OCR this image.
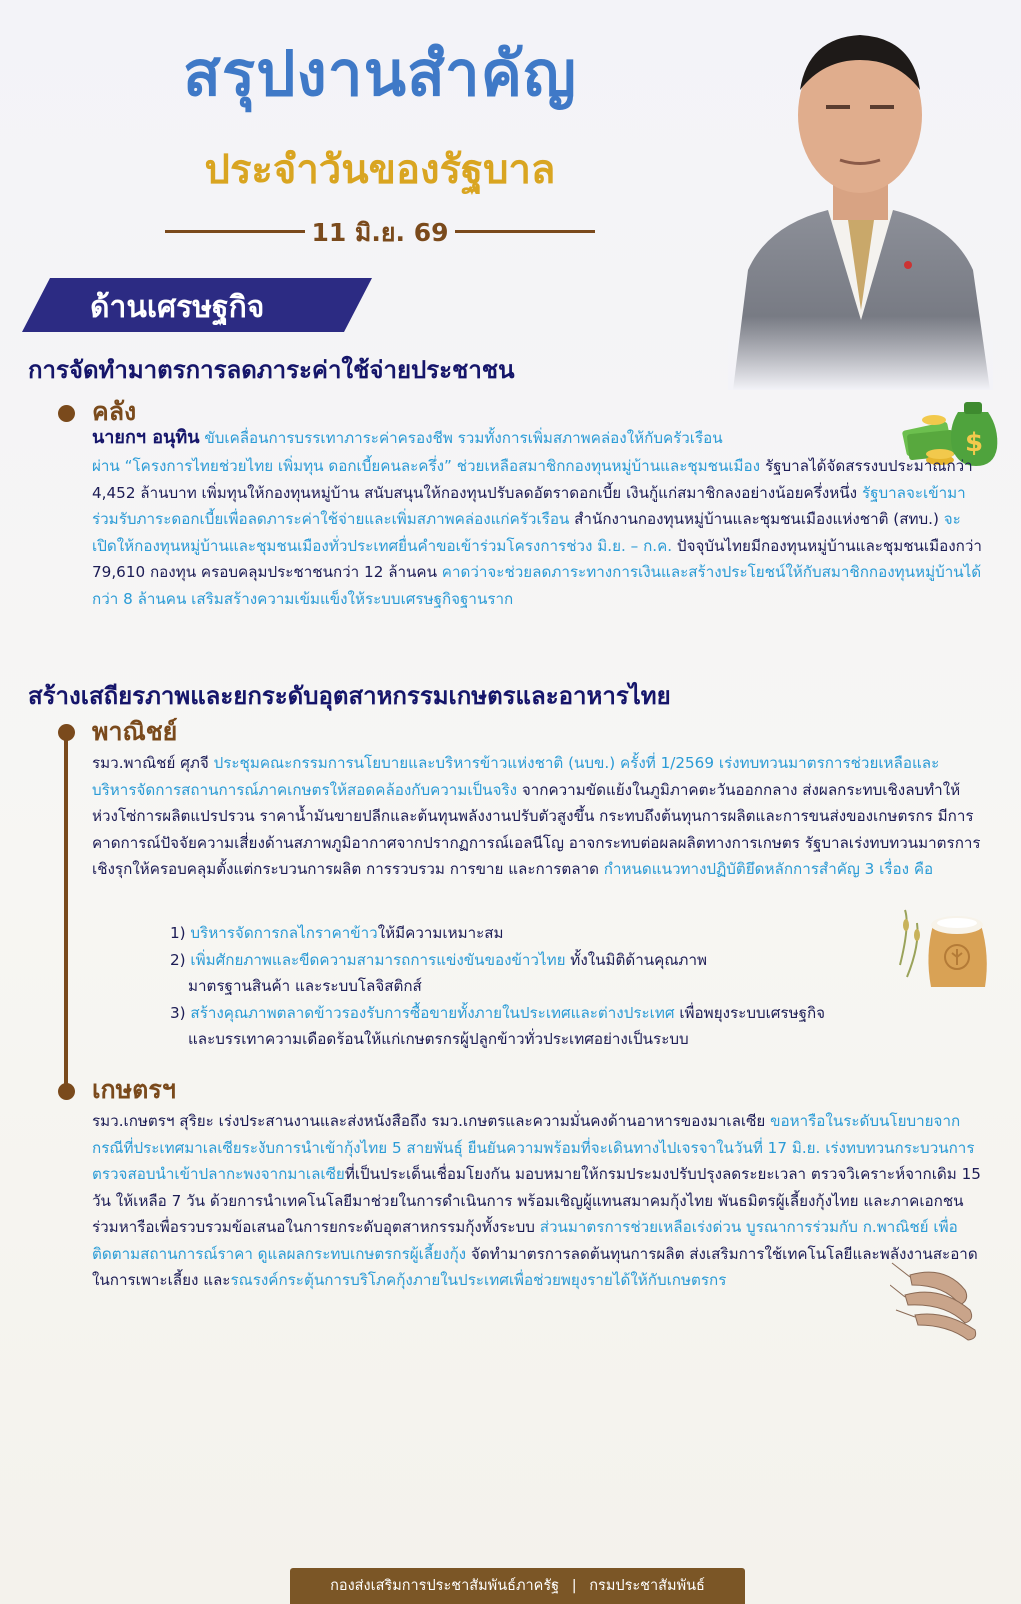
สรุปงานสำคัญ
ประจำวันของรัฐบาล
11 มิ.ย. 69
ด้านเศรษฐกิจ
การจัดทำมาตรการลดภาระค่าใช้จ่ายประชาชน
คลัง
$

นายกฯ อนุทิน ขับเคลื่อนการบรรเทาภาระค่าครองชีพ รวมทั้งการเพิ่มสภาพคล่องให้กับครัวเรือน

ผ่าน “โครงการไทยช่วยไทย เพิ่มทุน ดอกเบี้ยคนละครึ่ง” ช่วยเหลือสมาชิกกองทุนหมู่บ้านและชุมชนเมือง รัฐบาลได้จัดสรรงบประมาณกว่า 4,452 ล้านบาท เพิ่มทุนให้กองทุนหมู่บ้าน สนับสนุนให้กองทุนปรับลดอัตราดอกเบี้ย เงินกู้แก่สมาชิกลงอย่างน้อยครึ่งหนึ่ง รัฐบาลจะเข้ามาร่วมรับภาระดอกเบี้ยเพื่อลดภาระค่าใช้จ่ายและเพิ่มสภาพคล่องแก่ครัวเรือน สำนักงานกองทุนหมู่บ้านและชุมชนเมืองแห่งชาติ (สทบ.) จะเปิดให้กองทุนหมู่บ้านและชุมชนเมืองทั่วประเทศยื่นคำขอเข้าร่วมโครงการช่วง มิ.ย. – ก.ค. ปัจจุบันไทยมีกองทุนหมู่บ้านและชุมชนเมืองกว่า 79,610 กองทุน ครอบคลุมประชาชนกว่า 12 ล้านคน คาดว่าจะช่วยลดภาระทางการเงินและสร้างประโยชน์ให้กับสมาชิกกองทุนหมู่บ้านได้กว่า 8 ล้านคน เสริมสร้างความเข้มแข็งให้ระบบเศรษฐกิจฐานราก

สร้างเสถียรภาพและยกระดับอุตสาหกรรมเกษตรและอาหารไทย
พาณิชย์

รมว.พาณิชย์ ศุภจี ประชุมคณะกรรมการนโยบายและบริหารข้าวแห่งชาติ (นบข.) ครั้งที่ 1/2569 เร่งทบทวนมาตรการช่วยเหลือและบริหารจัดการสถานการณ์ภาคเกษตรให้สอดคล้องกับความเป็นจริง จากความขัดแย้งในภูมิภาคตะวันออกกลาง ส่งผลกระทบเชิงลบทำให้ห่วงโซ่การผลิตแปรปรวน ราคาน้ำมันขายปลีกและต้นทุนพลังงานปรับตัวสูงขึ้น กระทบถึงต้นทุนการผลิตและการขนส่งของเกษตรกร มีการคาดการณ์ปัจจัยความเสี่ยงด้านสภาพภูมิอากาศจากปรากฏการณ์เอลนีโญ อาจกระทบต่อผลผลิตทางการเกษตร รัฐบาลเร่งทบทวนมาตรการเชิงรุกให้ครอบคลุมตั้งแต่กระบวนการผลิต การรวบรวม การขาย และการตลาด กำหนดแนวทางปฏิบัติยึดหลักการสำคัญ 3 เรื่อง คือ

1) บริหารจัดการกลไกราคาข้าวให้มีความเหมาะสม
2) เพิ่มศักยภาพและขีดความสามารถการแข่งขันของข้าวไทย ทั้งในมิติด้านคุณภาพ
มาตรฐานสินค้า และระบบโลจิสติกส์
3) สร้างคุณภาพตลาดข้าวรองรับการซื้อขายทั้งภายในประเทศและต่างประเทศ เพื่อพยุงระบบเศรษฐกิจ
และบรรเทาความเดือดร้อนให้แก่เกษตรกรผู้ปลูกข้าวทั่วประเทศอย่างเป็นระบบ
เกษตรฯ

รมว.เกษตรฯ สุริยะ เร่งประสานงานและส่งหนังสือถึง รมว.เกษตรและความมั่นคงด้านอาหารของมาเลเซีย ขอหารือในระดับนโยบายจากกรณีที่ประเทศมาเลเซียระงับการนำเข้ากุ้งไทย 5 สายพันธุ์ ยืนยันความพร้อมที่จะเดินทางไปเจรจาในวันที่ 17 มิ.ย. เร่งทบทวนกระบวนการตรวจสอบนำเข้าปลากะพงจากมาเลเซียที่เป็นประเด็นเชื่อมโยงกัน มอบหมายให้กรมประมงปรับปรุงลดระยะเวลา ตรวจวิเคราะห์จากเดิม 15 วัน ให้เหลือ 7 วัน ด้วยการนำเทคโนโลยีมาช่วยในการดำเนินการ พร้อมเชิญผู้แทนสมาคมกุ้งไทย พันธมิตรผู้เลี้ยงกุ้งไทย และภาคเอกชนร่วมหารือเพื่อรวบรวมข้อเสนอในการยกระดับอุตสาหกรรมกุ้งทั้งระบบ ส่วนมาตรการช่วยเหลือเร่งด่วน บูรณาการร่วมกับ ก.พาณิชย์ เพื่อติดตามสถานการณ์ราคา ดูแลผลกระทบเกษตรกรผู้เลี้ยงกุ้ง จัดทำมาตรการลดต้นทุนการผลิต ส่งเสริมการใช้เทคโนโลยีและพลังงานสะอาดในการเพาะเลี้ยง และรณรงค์กระตุ้นการบริโภคกุ้งภายในประเทศเพื่อช่วยพยุงรายได้ให้กับเกษตรกร

กองส่งเสริมการประชาสัมพันธ์ภาครัฐ | กรมประชาสัมพันธ์
